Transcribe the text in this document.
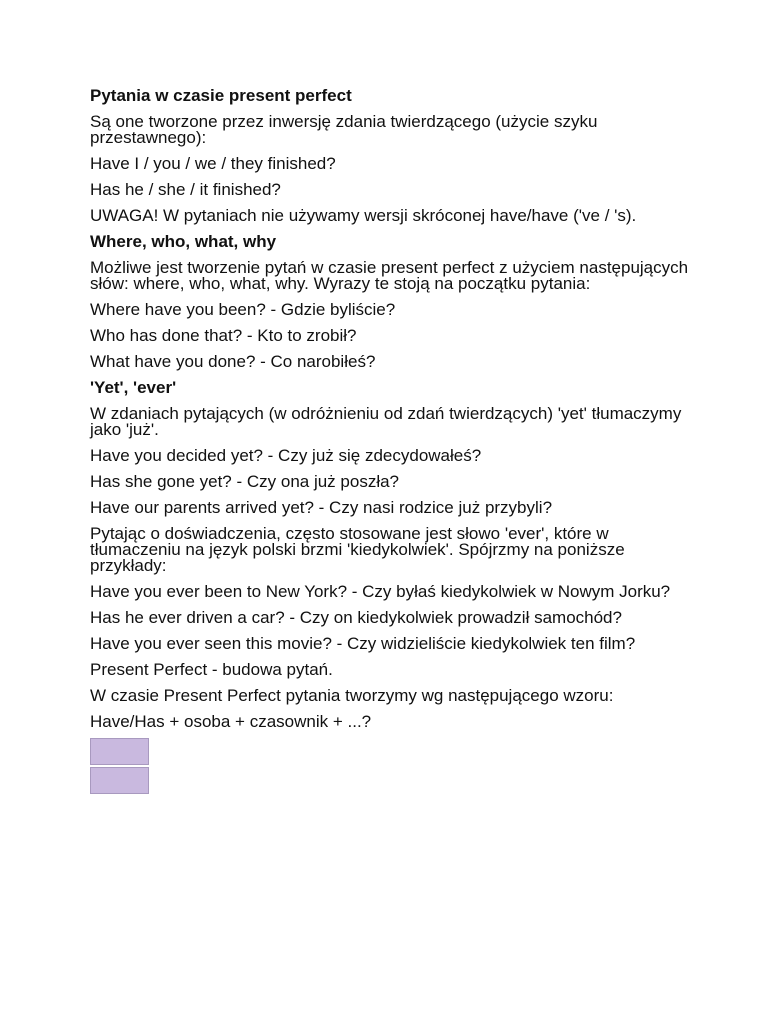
Pytania w czasie present perfect
Są one tworzone przez inwersję zdania twierdzącego (użycie szyku przestawnego):
Have I / you / we / they finished?
Has he / she / it finished?
UWAGA! W pytaniach nie używamy wersji skróconej have/have ('ve / 's).
Where, who, what, why
Możliwe jest tworzenie pytań w czasie present perfect z użyciem następujących słów: where, who, what, why. Wyrazy te stoją na początku pytania:
Where have you been? - Gdzie byliście?
Who has done that? - Kto to zrobił?
What have you done? - Co narobiłeś?
'Yet', 'ever'
W zdaniach pytających (w odróżnieniu od zdań twierdzących) 'yet' tłumaczymy jako 'już'.
Have you decided yet? - Czy już się zdecydowałeś?
Has she gone yet? - Czy ona już poszła?
Have our parents arrived yet? - Czy nasi rodzice już przybyli?
Pytając o doświadczenia, często stosowane jest słowo 'ever', które w tłumaczeniu na język polski brzmi 'kiedykolwiek'. Spójrzmy na poniższe przykłady:
Have you ever been to New York? - Czy byłaś kiedykolwiek w Nowym Jorku?
Has he ever driven a car? - Czy on kiedykolwiek prowadził samochód?
Have you ever seen this movie? - Czy widzieliście kiedykolwiek ten film?
Present Perfect - budowa pytań.
W czasie Present Perfect pytania tworzymy wg następującego wzoru:
Have/Has + osoba + czasownik + ...?
